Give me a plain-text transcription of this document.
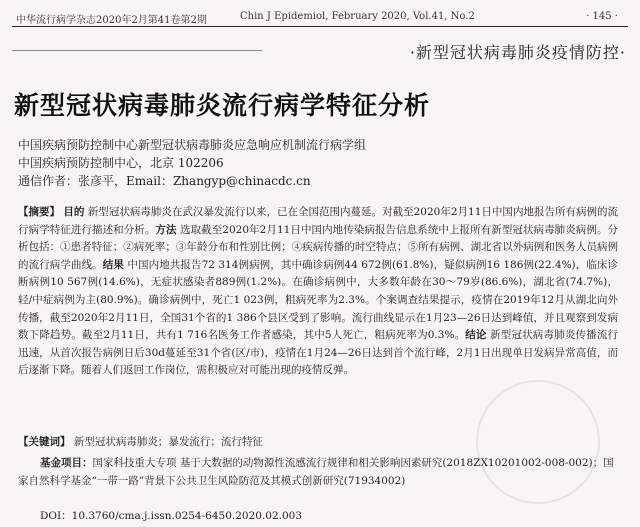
中华流行病学杂志2020年2月第41卷第2期	Chin J Epidemiol, February 2020, Vol.41, No.2	· 145 ·
·新型冠状病毒肺炎疫情防控·
新型冠状病毒肺炎流行病学特征分析
中国疾病预防控制中心新型冠状病毒肺炎应急响应机制流行病学组
中国疾病预防控制中心，北京 102206
通信作者：张彦平，Email：Zhangyp@chinacdc.cn
【摘要】 目的 新型冠状病毒肺炎在武汉暴发流行以来，已在全国范围内蔓延。对截至2020年2月11日中国内地报告所有病例的流行病学特征进行描述和分析。方法 选取截至2020年2月11日中国内地传染病报告信息系统中上报所有新型冠状病毒肺炎病例。分析包括：①患者特征；②病死率；③年龄分布和性别比例；④疾病传播的时空特点；⑤所有病例、湖北省以外病例和医务人员病例的流行病学曲线。结果 中国内地共报告72 314例病例，其中确诊病例44 672例(61.8%)，疑似病例16 186例(22.4%)，临床诊断病例10 567例(14.6%)，无症状感染者889例(1.2%)。在确诊病例中，大多数年龄在30～79岁(86.6%)，湖北省(74.7%)，轻/中症病例为主(80.9%)。确诊病例中，死亡1 023例，粗病死率为2.3%。个案调查结果提示，疫情在2019年12月从湖北向外传播，截至2020年2月11日，全国31个省的1 386个县区受到了影响。流行曲线显示在1月23—26日达到峰值，并且观察到发病数下降趋势。截至2月11日，共有1 716名医务工作者感染，其中5人死亡，粗病死率为0.3%。结论 新型冠状病毒肺炎传播流行迅速，从首次报告病例日后30d蔓延至31个省(区/市)，疫情在1月24—26日达到首个流行峰，2月1日出现单日发病异常高值，而后逐渐下降。随着人们返回工作岗位，需积极应对可能出现的疫情反弹。
【关键词】 新型冠状病毒肺炎；暴发流行；流行特征
基金项目：国家科技重大专项 基于大数据的动物源性流感流行规律和相关影响因素研究(2018ZX10201002-008-002)；国家自然科学基金“一带一路”背景下公共卫生风险防范及其模式创新研究(71934002)
DOI：10.3760/cma.j.issn.0254-6450.2020.02.003
